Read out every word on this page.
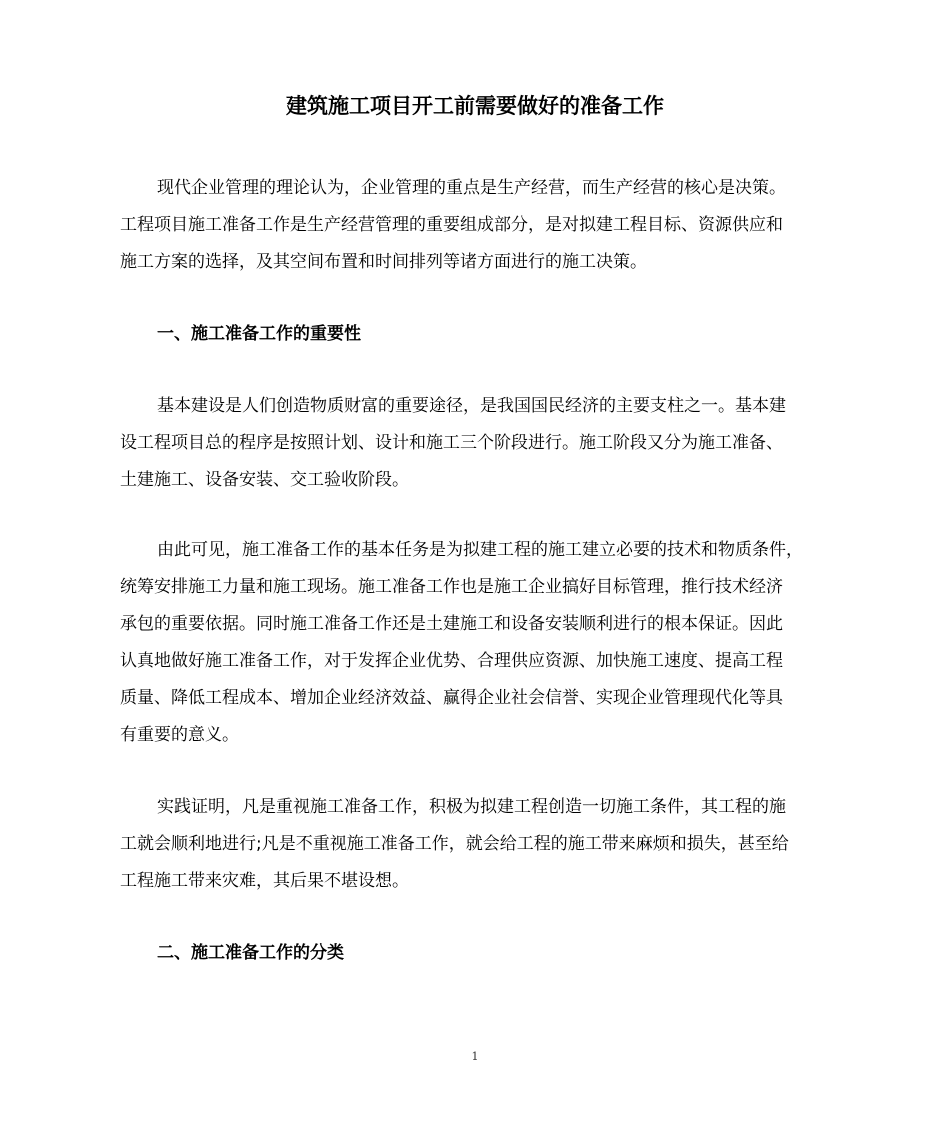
建筑施工项目开工前需要做好的准备工作
现代企业管理的理论认为，企业管理的重点是生产经营，而生产经营的核心是决策。
工程项目施工准备工作是生产经营管理的重要组成部分，是对拟建工程目标、资源供应和
施工方案的选择，及其空间布置和时间排列等诸方面进行的施工决策。
一、施工准备工作的重要性
基本建设是人们创造物质财富的重要途径，是我国国民经济的主要支柱之一。基本建
设工程项目总的程序是按照计划、设计和施工三个阶段进行。施工阶段又分为施工准备、
土建施工、设备安装、交工验收阶段。
由此可见，施工准备工作的基本任务是为拟建工程的施工建立必要的技术和物质条件，
统筹安排施工力量和施工现场。施工准备工作也是施工企业搞好目标管理，推行技术经济
承包的重要依据。同时施工准备工作还是土建施工和设备安装顺利进行的根本保证。因此
认真地做好施工准备工作，对于发挥企业优势、合理供应资源、加快施工速度、提高工程
质量、降低工程成本、增加企业经济效益、赢得企业社会信誉、实现企业管理现代化等具
有重要的意义。
实践证明，凡是重视施工准备工作，积极为拟建工程创造一切施工条件，其工程的施
工就会顺利地进行;凡是不重视施工准备工作，就会给工程的施工带来麻烦和损失，甚至给
工程施工带来灾难，其后果不堪设想。
二、施工准备工作的分类
1
